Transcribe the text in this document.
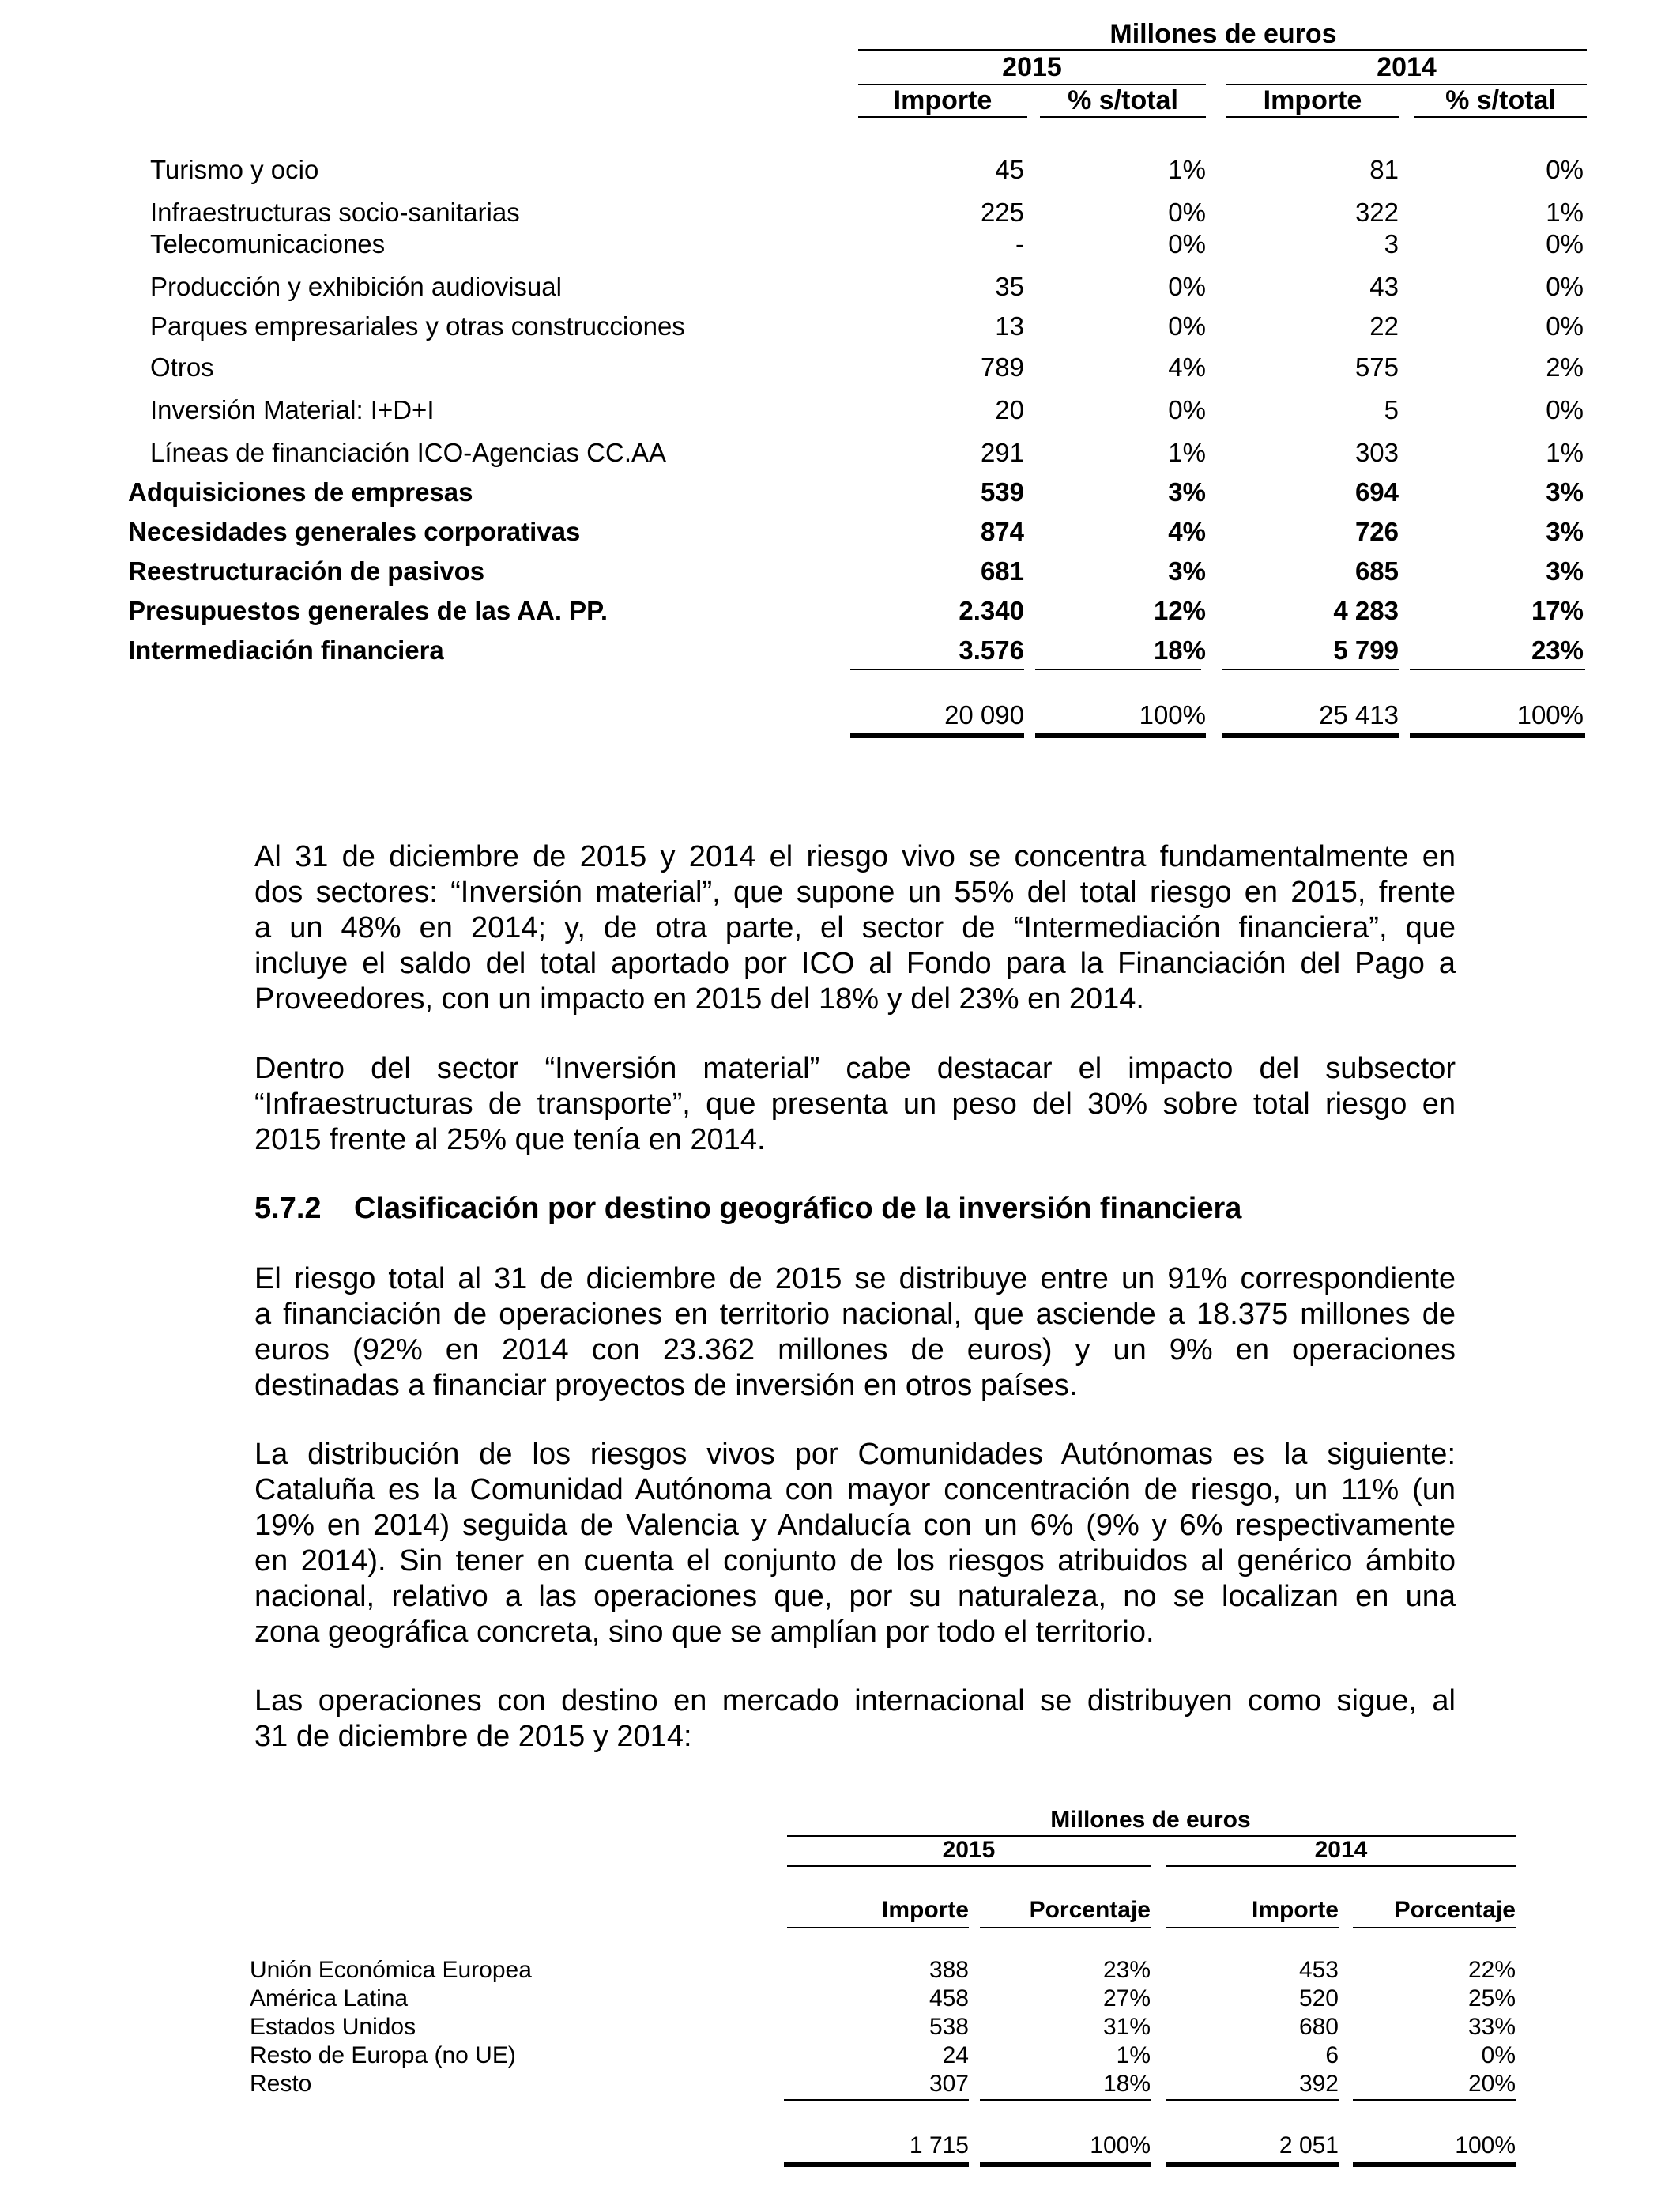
Millones de euros
2015	2014
Importe	% s/total	Importe	% s/total
Turismo y ocio	45	1%	81	0%
Infraestructuras socio-sanitarias	225	0%	322	1%
Telecomunicaciones	-	0%	3	0%
Producción y exhibición audiovisual	35	0%	43	0%
Parques empresariales y otras construcciones	13	0%	22	0%
Otros	789	4%	575	2%
Inversión Material: I+D+I	20	0%	5	0%
Líneas de financiación ICO-Agencias CC.AA	291	1%	303	1%
Adquisiciones de empresas	539	3%	694	3%
Necesidades generales corporativas	874	4%	726	3%
Reestructuración de pasivos	681	3%	685	3%
Presupuestos generales de las AA. PP.	2.340	12%	4 283	17%
Intermediación financiera	3.576	18%	5 799	23%
20 090	100%	25 413	100%
Al 31 de diciembre de 2015 y 2014 el riesgo vivo se concentra fundamentalmente en
dos sectores: “Inversión material”, que supone un 55% del total riesgo en 2015, frente
a un 48% en 2014; y, de otra parte, el sector de “Intermediación financiera”, que
incluye el saldo del total aportado por ICO al Fondo para la Financiación del Pago a
Proveedores, con un impacto en 2015 del 18% y del 23% en 2014.
Dentro del sector “Inversión material” cabe destacar el impacto del subsector
“Infraestructuras de transporte”, que presenta un peso del 30% sobre total riesgo en
2015 frente al 25% que tenía en 2014.
5.7.2 Clasificación por destino geográfico de la inversión financiera
El riesgo total al 31 de diciembre de 2015 se distribuye entre un 91% correspondiente
a financiación de operaciones en territorio nacional, que asciende a 18.375 millones de
euros (92% en 2014 con 23.362 millones de euros) y un 9% en operaciones
destinadas a financiar proyectos de inversión en otros países.
La distribución de los riesgos vivos por Comunidades Autónomas es la siguiente:
Cataluña es la Comunidad Autónoma con mayor concentración de riesgo, un 11% (un
19% en 2014) seguida de Valencia y Andalucía con un 6% (9% y 6% respectivamente
en 2014). Sin tener en cuenta el conjunto de los riesgos atribuidos al genérico ámbito
nacional, relativo a las operaciones que, por su naturaleza, no se localizan en una
zona geográfica concreta, sino que se amplían por todo el territorio.
Las operaciones con destino en mercado internacional se distribuyen como sigue, al
31 de diciembre de 2015 y 2014:
Millones de euros
2015	2014
Importe	Porcentaje	Importe	Porcentaje
Unión Económica Europea	388	23%	453	22%
América Latina	458	27%	520	25%
Estados Unidos	538	31%	680	33%
Resto de Europa (no UE)	24	1%	6	0%
Resto	307	18%	392	20%
1 715	100%	2 051	100%
